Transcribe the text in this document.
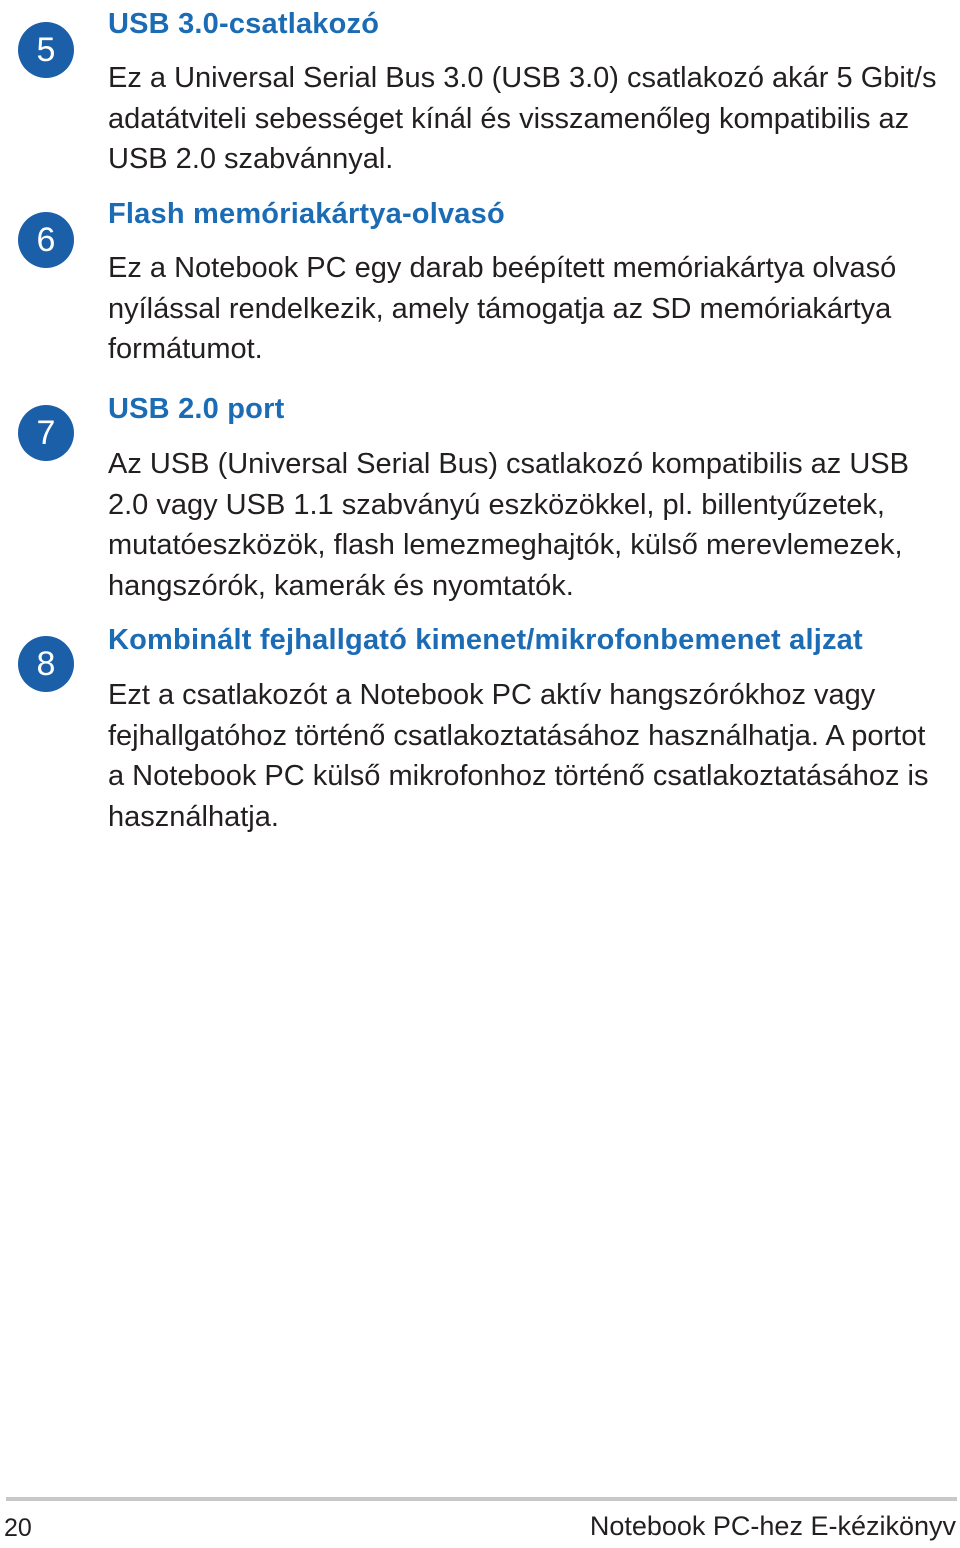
5
USB 3.0-csatlakozó

Ez a Universal Serial Bus 3.0 (USB 3.0) csatlakozó akár 5 Gbit/s adatátviteli sebességet kínál és visszamenőleg kompatibilis az USB 2.0 szabvánnyal.

6
Flash memóriakártya-olvasó

Ez a Notebook PC egy darab beépített memóriakártya olvasó nyílással rendelkezik, amely támogatja az SD memóriakártya formátumot.

7
USB 2.0 port

Az USB (Universal Serial Bus) csatlakozó kompatibilis az USB 2.0 vagy USB 1.1 szabványú eszközökkel, pl. billentyűzetek, mutatóeszközök, flash lemezmeghajtók, külső merevlemezek, hangszórók, kamerák és nyomtatók.

8
Kombinált fejhallgató kimenet/mikrofonbemenet aljzat

Ezt a csatlakozót a Notebook PC aktív hangszórókhoz vagy fejhallgatóhoz történő csatlakoztatásához használhatja. A portot a Notebook PC külső mikrofonhoz történő csatlakoztatásához is használhatja.

20	Notebook PC-hez E-kézikönyv
